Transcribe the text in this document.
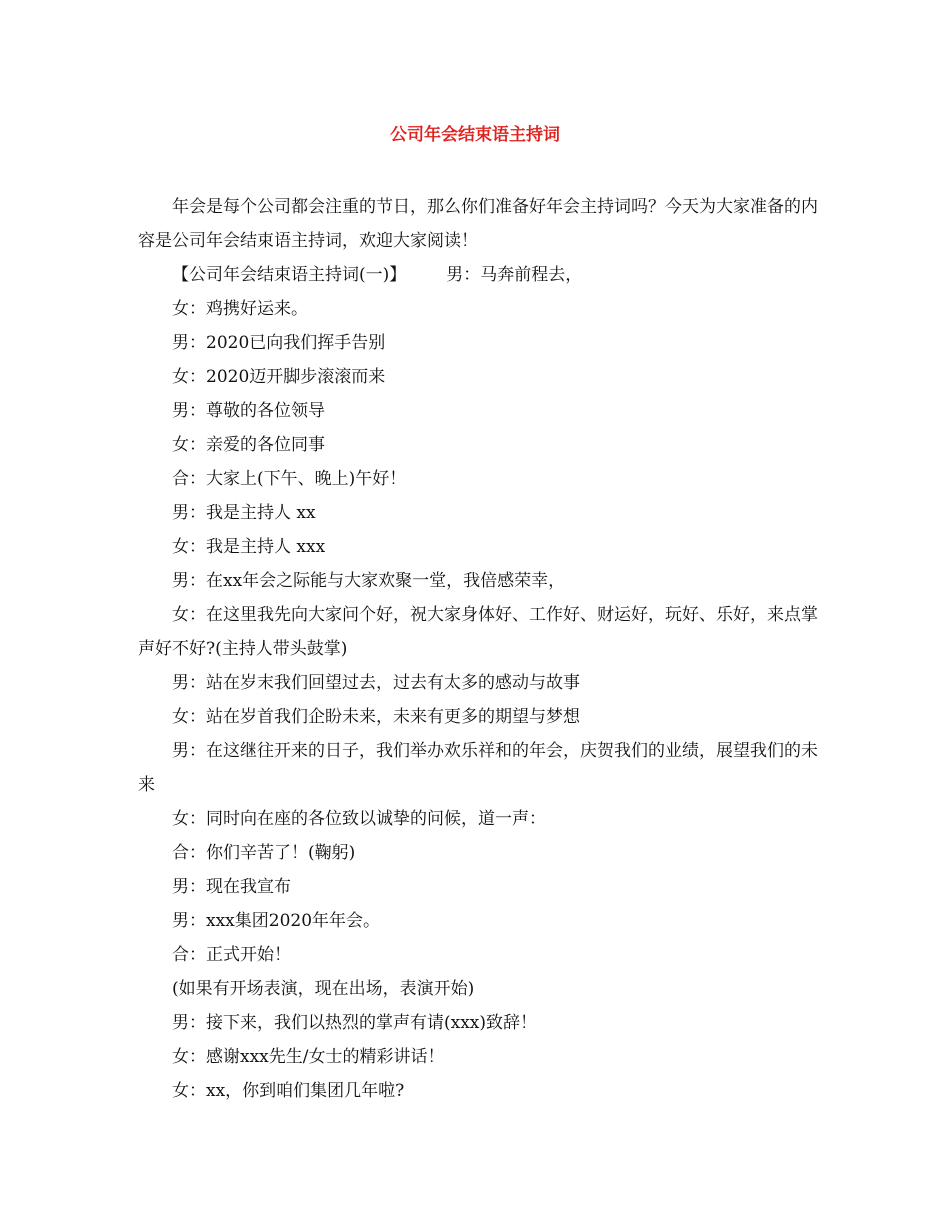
公司年会结束语主持词

年会是每个公司都会注重的节日，那么你们准备好年会主持词吗？今天为大家准备的内容是公司年会结束语主持词，欢迎大家阅读！

【公司年会结束语主持词(一)】 男：马奔前程去，

女：鸡携好运来。

男：2020已向我们挥手告别

女：2020迈开脚步滚滚而来

男：尊敬的各位领导

女：亲爱的各位同事

合：大家上(下午、晚上)午好！

男：我是主持人 xx

女：我是主持人 xxx

男：在xx年会之际能与大家欢聚一堂，我倍感荣幸，

女：在这里我先向大家问个好，祝大家身体好、工作好、财运好，玩好、乐好，来点掌声好不好?(主持人带头鼓掌)

男：站在岁末我们回望过去，过去有太多的感动与故事

女：站在岁首我们企盼未来，未来有更多的期望与梦想

男：在这继往开来的日子，我们举办欢乐祥和的年会，庆贺我们的业绩，展望我们的未来

女：同时向在座的各位致以诚挚的问候，道一声：

合：你们辛苦了！(鞠躬)

男：现在我宣布

男：xxx集团2020年年会。

合：正式开始！

(如果有开场表演，现在出场，表演开始)

男：接下来，我们以热烈的掌声有请(xxx)致辞！

女：感谢xxx先生/女士的精彩讲话！

女：xx，你到咱们集团几年啦?
